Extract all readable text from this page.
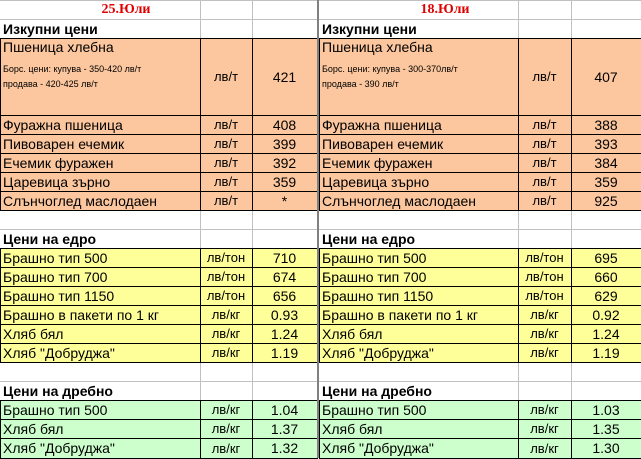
25.Юли
Изкупни цени
Пшеница хлебна
Борс. цени: купува - 350-420 лв/т
продава - 420-425 лв/т	лв/т	421
Фуражна пшеница	лв/т	408
Пивоварен ечемик	лв/т	399
Ечемик фуражен	лв/т	392
Царевица зърно	лв/т	359
Слънчоглед маслодаен	лв/т	*
Цени на едро
Брашно тип 500	лв/тон	710
Брашно тип 700	лв/тон	674
Брашно тип 1150	лв/тон	656
Брашно в пакети по 1 кг	лв/кг	0.93
Хляб бял	лв/кг	1.24
Хляб "Добруджа"	лв/кг	1.19
Цени на дребно
Брашно тип 500	лв/кг	1.04
Хляб бял	лв/кг	1.37
Хляб "Добруджа"	лв/кг	1.32
18.Юли
Изкупни цени
Пшеница хлебна
Борс. цени: купува - 300-370лв/т
продава - 390 лв/т	лв/т	407
Фуражна пшеница	лв/т	388
Пивоварен ечемик	лв/т	393
Ечемик фуражен	лв/т	384
Царевица зърно	лв/т	359
Слънчоглед маслодаен	лв/т	925
Цени на едро
Брашно тип 500	лв/тон	695
Брашно тип 700	лв/тон	660
Брашно тип 1150	лв/тон	629
Брашно в пакети по 1 кг	лв/кг	0.92
Хляб бял	лв/кг	1.24
Хляб "Добруджа"	лв/кг	1.19
Цени на дребно
Брашно тип 500	лв/кг	1.03
Хляб бял	лв/кг	1.35
Хляб "Добруджа"	лв/кг	1.30
